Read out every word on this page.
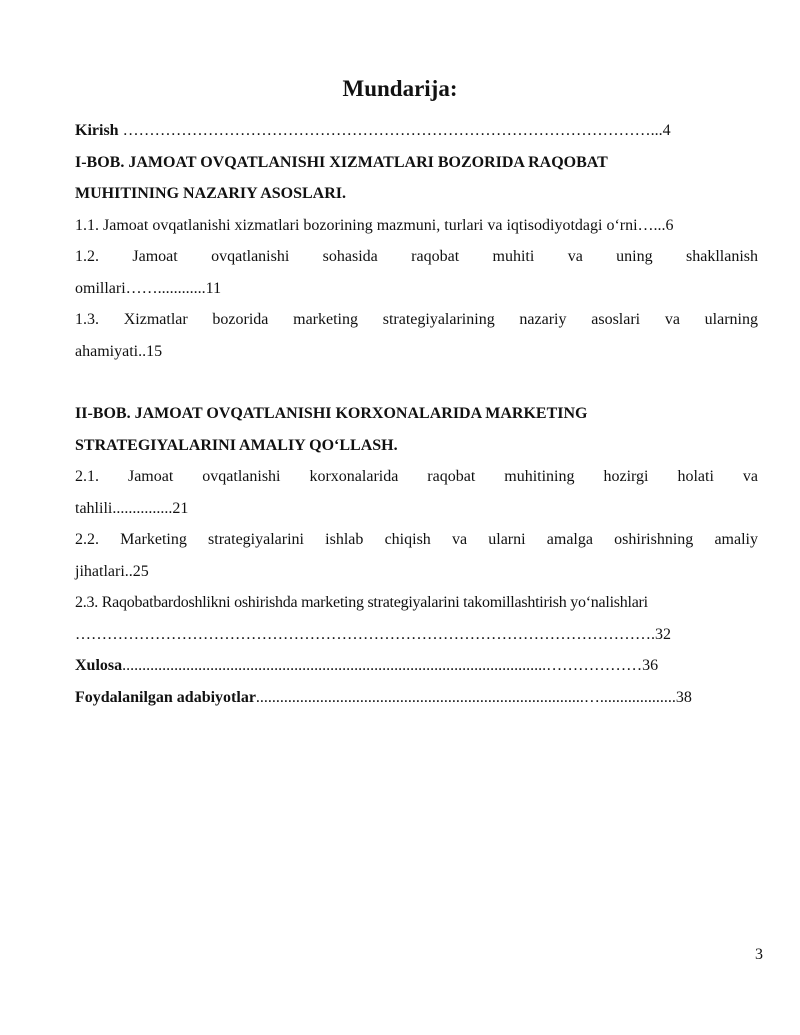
Mundarija:

Kirish ………………………………………………………………………………………...4

I-BOB. JAMOAT OVQATLANISHI XIZMATLARI BOZORIDA RAQOBAT

MUHITINING NAZARIY ASOSLARI.

1.1. Jamoat ovqatlanishi xizmatlari bozorining mazmuni, turlari va iqtisodiyotdagi o‘rni…...6

1.2. Jamoat ovqatlanishi sohasida raqobat muhiti va uning shakllanish

omillari……............11

1.3. Xizmatlar bozorida marketing strategiyalarining nazariy asoslari va ularning

ahamiyati..15

II-BOB. JAMOAT OVQATLANISHI KORXONALARIDA MARKETING

STRATEGIYALARINI AMALIY QO‘LLASH.

2.1. Jamoat ovqatlanishi korxonalarida raqobat muhitining hozirgi holati va

tahlili...............21

2.2. Marketing strategiyalarini ishlab chiqish va ularni amalga oshirishning amaliy

jihatlari..25

2.3. Raqobatbardoshlikni oshirishda marketing strategiyalarini takomillashtirish yo‘nalishlari

……………………………………………………………………………………………….32

Xulosa..........................................................................................................………………36

Foydalanilgan adabiyotlar..................................................................................…...................38

3
